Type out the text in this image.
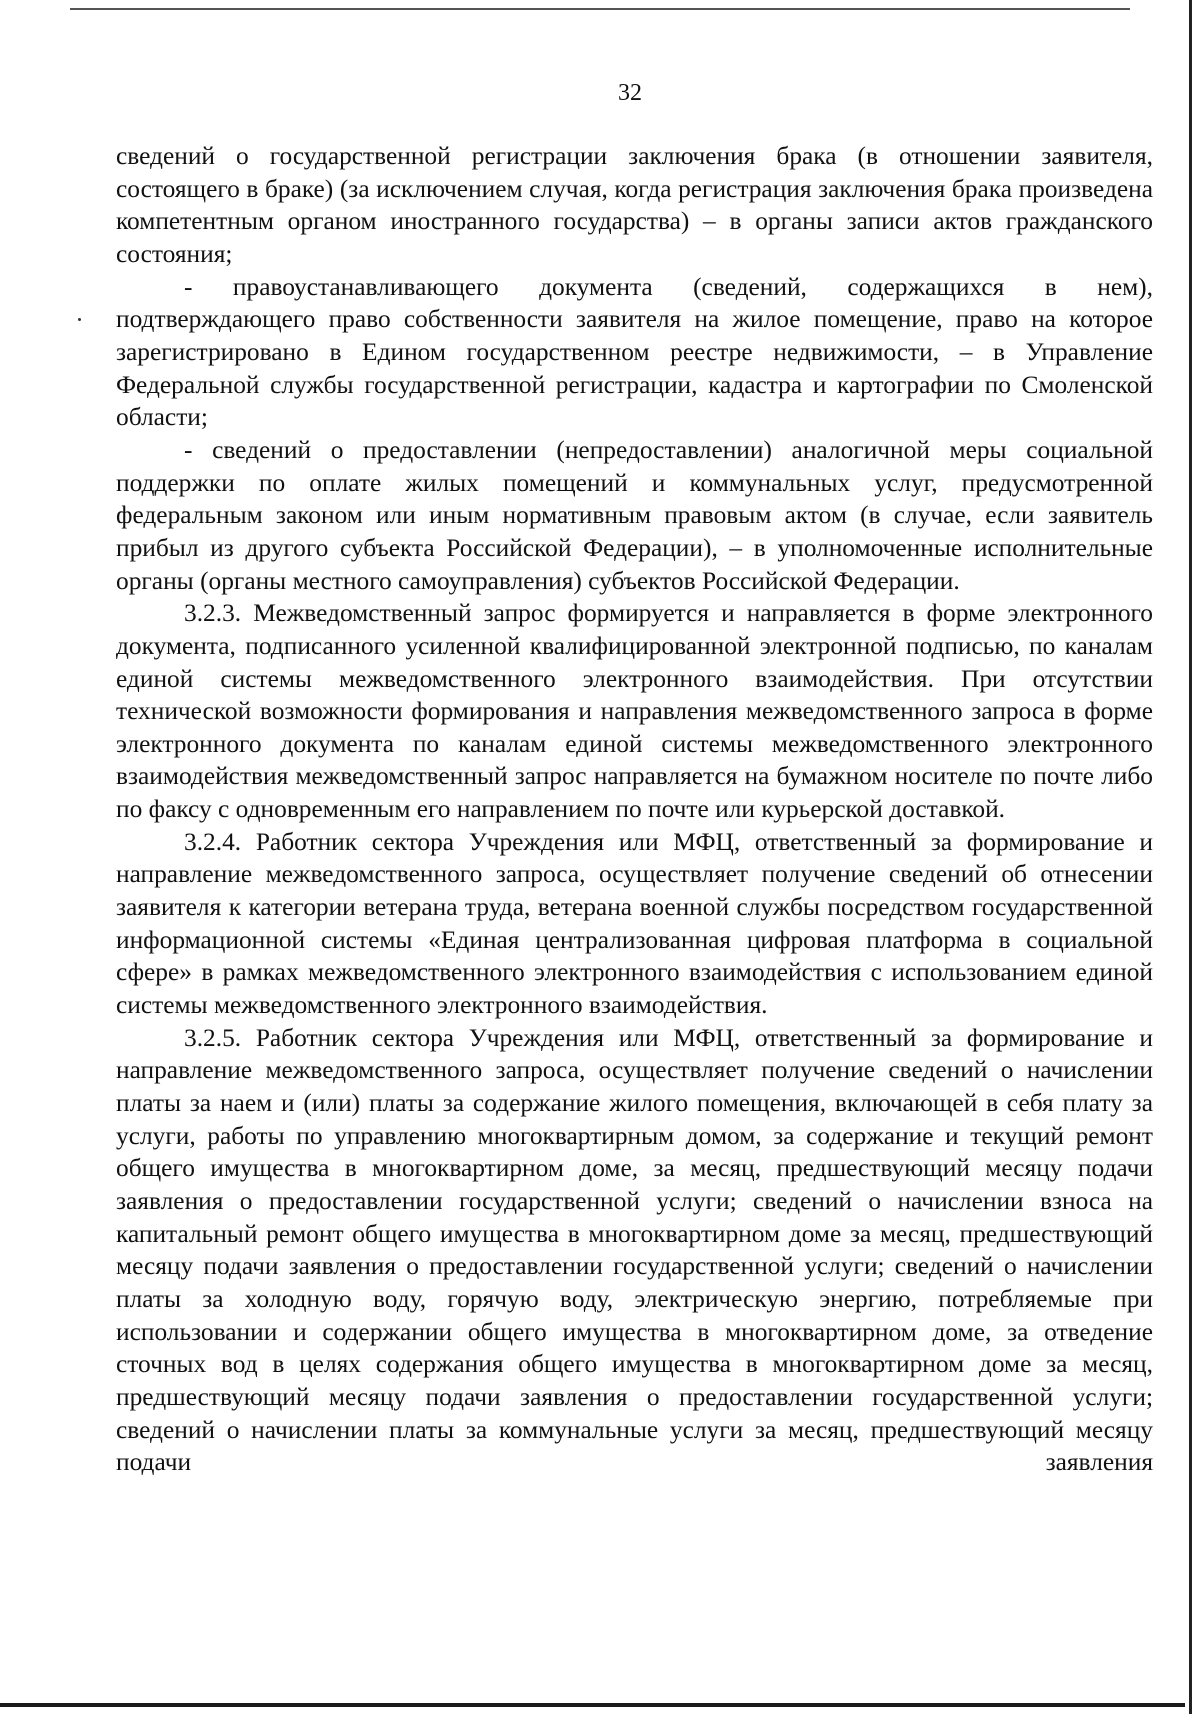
32

сведений о государственной регистрации заключения брака (в отношении заявителя, состоящего в браке) (за исключением случая, когда регистрация заключения брака произведена компетентным органом иностранного государства) – в органы записи актов гражданского состояния;

- правоустанавливающего документа (сведений, содержащихся в нем), подтверждающего право собственности заявителя на жилое помещение, право на которое зарегистрировано в Едином государственном реестре недвижимости, – в Управление Федеральной службы государственной регистрации, кадастра и картографии по Смоленской области;

- сведений о предоставлении (непредоставлении) аналогичной меры социальной поддержки по оплате жилых помещений и коммунальных услуг, предусмотренной федеральным законом или иным нормативным правовым актом (в случае, если заявитель прибыл из другого субъекта Российской Федерации), – в уполномоченные исполнительные органы (органы местного самоуправления) субъектов Российской Федерации.

3.2.3. Межведомственный запрос формируется и направляется в форме электронного документа, подписанного усиленной квалифицированной электронной подписью, по каналам единой системы межведомственного электронного взаимодействия. При отсутствии технической возможности формирования и направления межведомственного запроса в форме электронного документа по каналам единой системы межведомственного электронного взаимодействия межведомственный запрос направляется на бумажном носителе по почте либо по факсу с одновременным его направлением по почте или курьерской доставкой.

3.2.4. Работник сектора Учреждения или МФЦ, ответственный за формирование и направление межведомственного запроса, осуществляет получение сведений об отнесении заявителя к категории ветерана труда, ветерана военной службы посредством государственной информационной системы «Единая централизованная цифровая платформа в социальной сфере» в рамках межведомственного электронного взаимодействия с использованием единой системы межведомственного электронного взаимодействия.

3.2.5. Работник сектора Учреждения или МФЦ, ответственный за формирование и направление межведомственного запроса, осуществляет получение сведений о начислении платы за наем и (или) платы за содержание жилого помещения, включающей в себя плату за услуги, работы по управлению многоквартирным домом, за содержание и текущий ремонт общего имущества в многоквартирном доме, за месяц, предшествующий месяцу подачи заявления о предоставлении государственной услуги; сведений о начислении взноса на капитальный ремонт общего имущества в многоквартирном доме за месяц, предшествующий месяцу подачи заявления о предоставлении государственной услуги; сведений о начислении платы за холодную воду, горячую воду, электрическую энергию, потребляемые при использовании и содержании общего имущества в многоквартирном доме, за отведение сточных вод в целях содержания общего имущества в многоквартирном доме за месяц, предшествующий месяцу подачи заявления о предоставлении государственной услуги; сведений о начислении платы за коммунальные услуги за месяц, предшествующий месяцу подачи заявления
